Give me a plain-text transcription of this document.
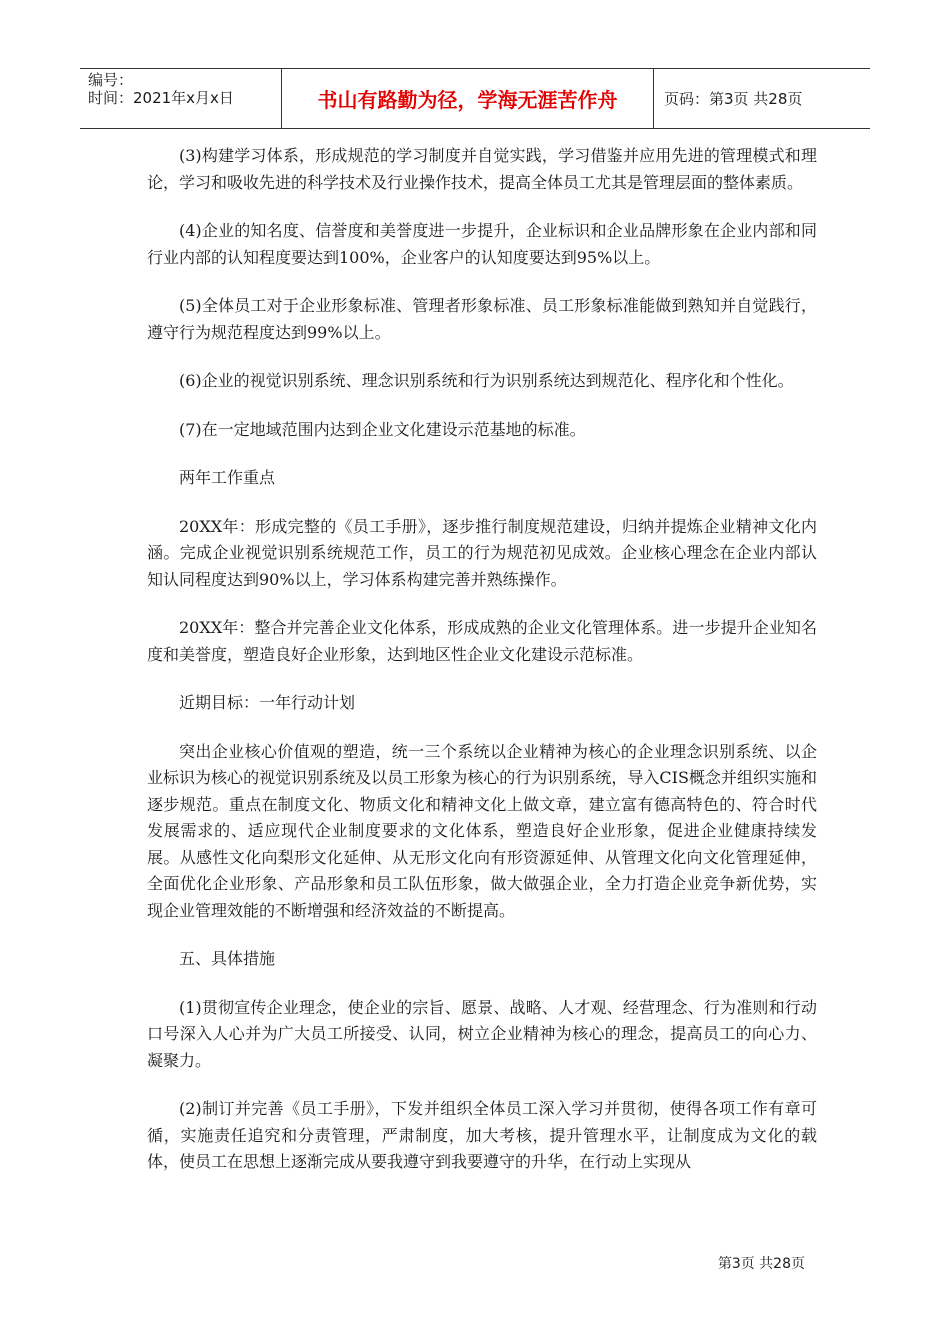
编号：
时间：2021年x月x日	书山有路勤为径，学海无涯苦作舟	页码：第3页 共28页

(3)构建学习体系，形成规范的学习制度并自觉实践，学习借鉴并应用先进的管理模式和理论，学习和吸收先进的科学技术及行业操作技术，提高全体员工尤其是管理层面的整体素质。

(4)企业的知名度、信誉度和美誉度进一步提升，企业标识和企业品牌形象在企业内部和同行业内部的认知程度要达到100%，企业客户的认知度要达到95%以上。

(5)全体员工对于企业形象标准、管理者形象标准、员工形象标准能做到熟知并自觉践行，遵守行为规范程度达到99%以上。

(6)企业的视觉识别系统、理念识别系统和行为识别系统达到规范化、程序化和个性化。

(7)在一定地域范围内达到企业文化建设示范基地的标准。

两年工作重点

20XX年：形成完整的《员工手册》，逐步推行制度规范建设，归纳并提炼企业精神文化内涵。完成企业视觉识别系统规范工作，员工的行为规范初见成效。企业核心理念在企业内部认知认同程度达到90%以上，学习体系构建完善并熟练操作。

20XX年：整合并完善企业文化体系，形成成熟的企业文化管理体系。进一步提升企业知名度和美誉度，塑造良好企业形象，达到地区性企业文化建设示范标准。

近期目标：一年行动计划

突出企业核心价值观的塑造，统一三个系统以企业精神为核心的企业理念识别系统、以企业标识为核心的视觉识别系统及以员工形象为核心的行为识别系统，导入CIS概念并组织实施和逐步规范。重点在制度文化、物质文化和精神文化上做文章，建立富有德高特色的、符合时代发展需求的、适应现代企业制度要求的文化体系，塑造良好企业形象，促进企业健康持续发展。从感性文化向梨形文化延伸、从无形文化向有形资源延伸、从管理文化向文化管理延伸，全面优化企业形象、产品形象和员工队伍形象，做大做强企业，全力打造企业竞争新优势，实现企业管理效能的不断增强和经济效益的不断提高。

五、具体措施

(1)贯彻宣传企业理念，使企业的宗旨、愿景、战略、人才观、经营理念、行为准则和行动口号深入人心并为广大员工所接受、认同，树立企业精神为核心的理念，提高员工的向心力、凝聚力。

(2)制订并完善《员工手册》，下发并组织全体员工深入学习并贯彻，使得各项工作有章可循，实施责任追究和分责管理，严肃制度，加大考核，提升管理水平，让制度成为文化的载体，使员工在思想上逐渐完成从要我遵守到我要遵守的升华，在行动上实现从

第3页 共28页
